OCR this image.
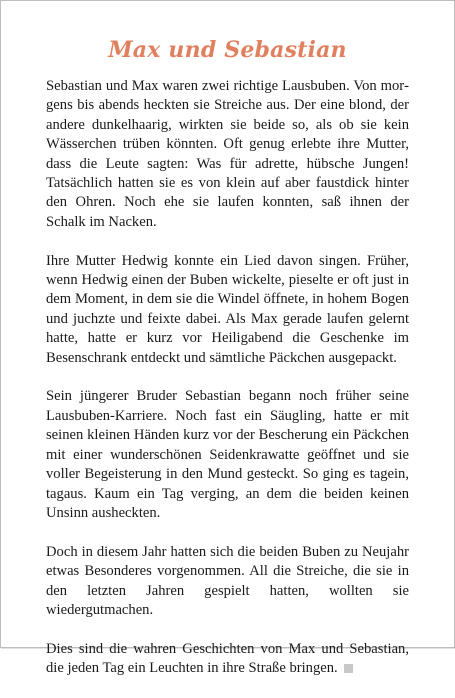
Max und Sebastian

Sebastian und Max waren zwei richtige Lausbuben. Von morgens bis abends heckten sie Streiche aus. Der eine blond, der andere dunkelhaarig, wirkten sie beide so, als ob sie kein Wässerchen trüben könnten. Oft genug erlebte ihre Mutter, dass die Leute sagten: Was für adrette, hübsche Jungen! Tatsächlich hatten sie es von klein auf aber faustdick hinter den Ohren. Noch ehe sie laufen konnten, saß ihnen der Schalk im Nacken.

Ihre Mutter Hedwig konnte ein Lied davon singen. Früher, wenn Hedwig einen der Buben wickelte, pieselte er oft just in dem Moment, in dem sie die Windel öffnete, in hohem Bogen und juchzte und feixte dabei. Als Max gerade laufen gelernt hatte, hatte er kurz vor Heiligabend die Geschenke im Besenschrank entdeckt und sämtliche Päckchen ausgepackt.

Sein jüngerer Bruder Sebastian begann noch früher seine Lausbuben-Karriere. Noch fast ein Säugling, hatte er mit seinen kleinen Händen kurz vor der Bescherung ein Päckchen mit einer wunderschönen Seidenkrawatte geöffnet und sie voller Begeisterung in den Mund gesteckt. So ging es tagein, tagaus. Kaum ein Tag verging, an dem die beiden keinen Unsinn ausheckten.

Doch in diesem Jahr hatten sich die beiden Buben zu Neujahr etwas Besonderes vorgenommen. All die Streiche, die sie in den letzten Jahren gespielt hatten, wollten sie wiedergutmachen.

Dies sind die wahren Geschichten von Max und Sebastian, die jeden Tag ein Leuchten in ihre Straße bringen.
